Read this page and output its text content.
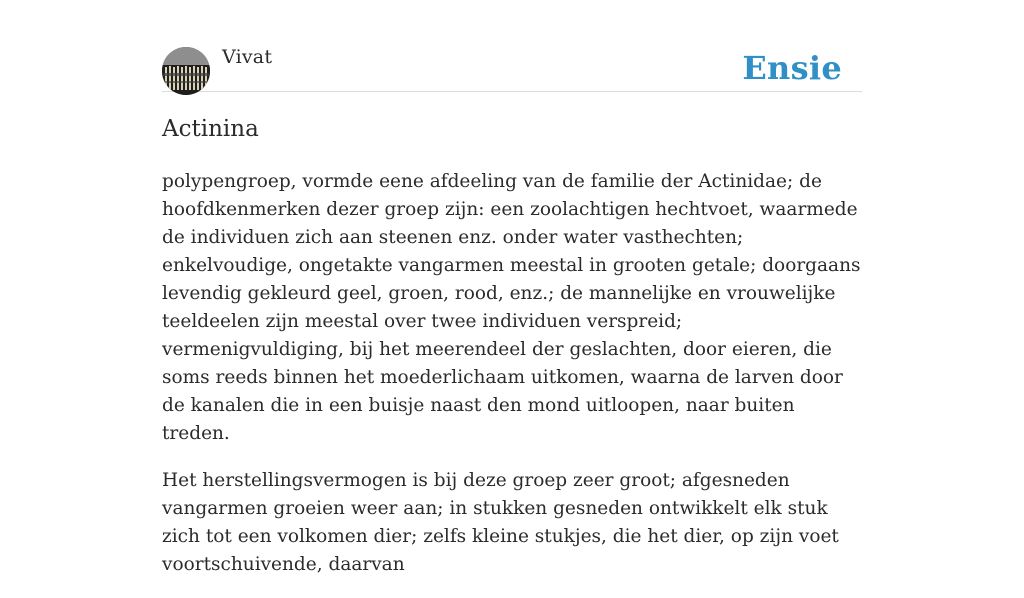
Vivat	Ensie
Actinina

polypengroep, vormde eene afdeeling van de familie der Actinidae; de hoofdkenmerken dezer groep zijn: een zoolachtigen hechtvoet, waarmede de individuen zich aan steenen enz. onder water vasthechten; enkelvoudige, ongetakte vangarmen meestal in grooten getale; doorgaans levendig gekleurd geel, groen, rood, enz.; de mannelijke en vrouwelijke teeldeelen zijn meestal over twee individuen verspreid; vermenigvuldiging, bij het meerendeel der geslachten, door eieren, die soms reeds binnen het moederlichaam uitkomen, waarna de larven door de kanalen die in een buisje naast den mond uitloopen, naar buiten treden.

Het herstellingsvermogen is bij deze groep zeer groot; afgesneden vangarmen groeien weer aan; in stukken gesneden ontwikkelt elk stuk zich tot een volkomen dier; zelfs kleine stukjes, die het dier, op zijn voet voortschuivende, daarvan
